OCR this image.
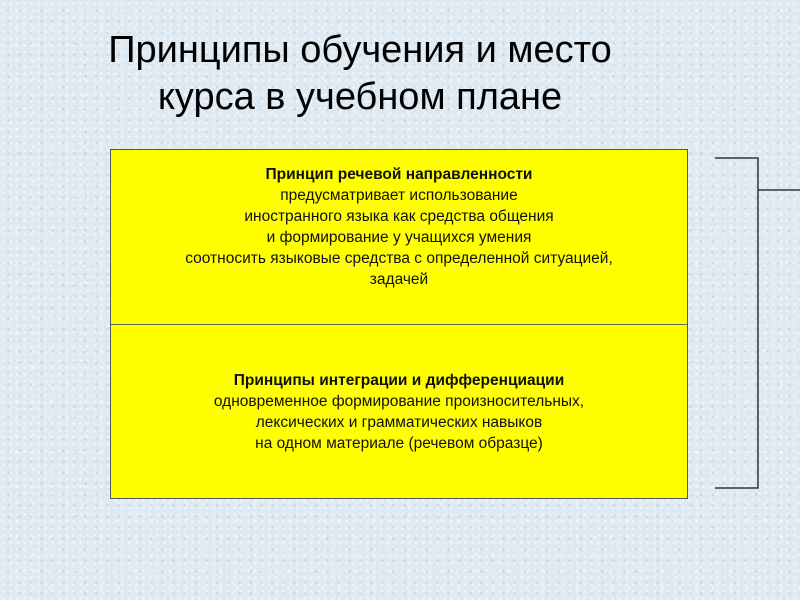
Принципы обучения и место
курса в учебном плане
Принцип речевой направленности
предусматривает использование
иностранного языка как средства общения
и формирование у учащихся умения
соотносить языковые средства с определенной ситуацией,
задачей
Принципы интеграции и дифференциации
одновременное формирование произносительных,
лексических и грамматических навыков
на одном материале (речевом образце)
